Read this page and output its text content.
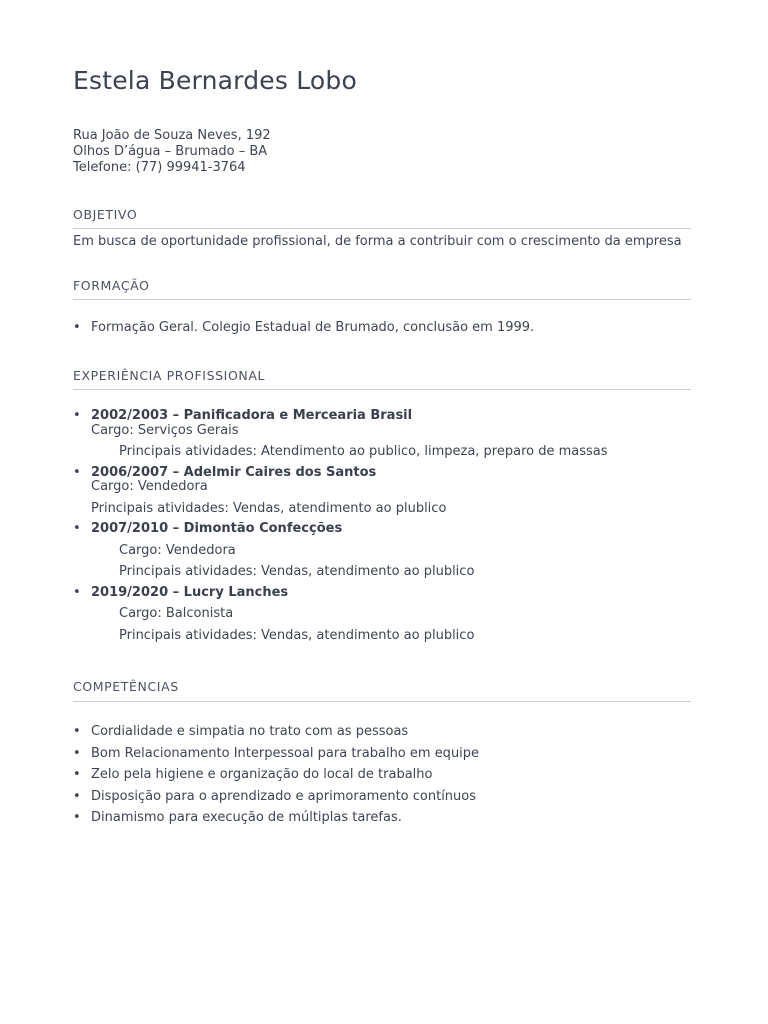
Estela Bernardes Lobo
Rua João de Souza Neves, 192
Olhos D’água – Brumado – BA
Telefone: (77) 99941-3764
OBJETIVO
Em busca de oportunidade profissional, de forma a contribuir com o crescimento da empresa
FORMAÇÃO
• Formação Geral. Colegio Estadual de Brumado, conclusão em 1999.
EXPERIÊNCIA PROFISSIONAL
• 2002/2003 – Panificadora e Mercearia Brasil
Cargo: Serviços Gerais
Principais atividades: Atendimento ao publico, limpeza, preparo de massas
• 2006/2007 – Adelmir Caires dos Santos
Cargo: Vendedora
Principais atividades: Vendas, atendimento ao plublico
• 2007/2010 – Dimontão Confecções
Cargo: Vendedora
Principais atividades: Vendas, atendimento ao plublico
• 2019/2020 – Lucry Lanches
Cargo: Balconista
Principais atividades: Vendas, atendimento ao plublico
COMPETÊNCIAS
• Cordialidade e simpatia no trato com as pessoas
• Bom Relacionamento Interpessoal para trabalho em equipe
• Zelo pela higiene e organização do local de trabalho
• Disposição para o aprendizado e aprimoramento contínuos
• Dinamismo para execução de múltiplas tarefas.
